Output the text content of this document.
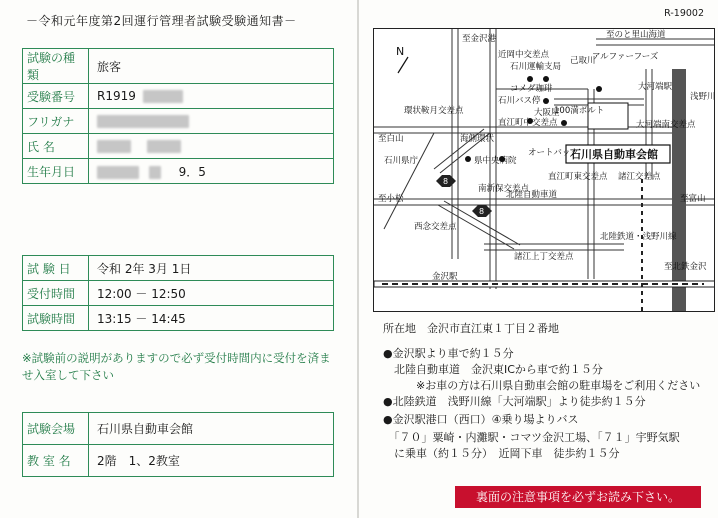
－令和元年度第2回運行管理者試験受験通知書－
試験の種類	旅客
受験番号	R1919
フリガナ	
氏 名	
生年月日	9．5
試 験 日	令和 2年 3月 1日
受付時間	12:00 － 12:50
試験時間	13:15 － 14:45
※試験前の説明がありますので必ず受付時間内に受付を済ませ入室して下さい
試験会場	石川県自動車会館
教 室 名	2階　1、2教室
R-19002
N
至金沢港	至のと里山海道
近岡中交差点
石川運輸支局
コメダ珈琲
アルファーフーズ
己取川
大河端駅
浅野川
石川バス停
大阪屋
100満ボルト
直江町中交差点
環状鞍月交差点
海側環状
大河端南交差点
至白山
オートバック
県中央病院
石川県庁	石川県自動車会館
直江町東交差点 諸江交差点
南新保交差点
至小松	北陸自動車道	至富山
西念交差点
諸江上丁交差点
金沢駅
北陸鉄道・浅野川線
至北鉄金沢
8
8
所在地　金沢市直江東１丁目２番地
●金沢駅より車で約１５分
　北陸自動車道　金沢東ICから車で約１５分
　　　※お車の方は石川県自動車会館の駐車場をご利用ください
●北陸鉄道　浅野川線「大河端駅」より徒歩約１５分
●金沢駅港口（西口）④乗り場よりバス
　「７０」粟崎・内灘駅・コマツ金沢工場、「７１」宇野気駅
　に乗車（約１５分）　近岡下車　徒歩約１５分
裏面の注意事項を必ずお読み下さい。
